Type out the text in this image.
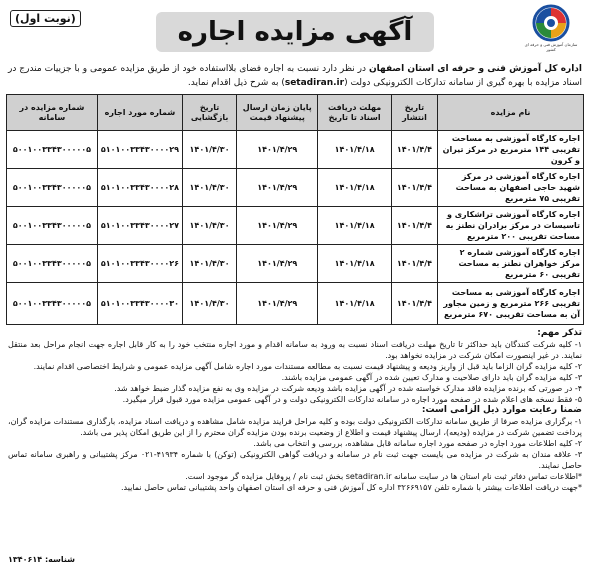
(نوبت اول)	آگهی مزایده اجاره	سازمان آموزش فنی و حرفه ای کشور

اداره کل آموزش فنی و حرفه ای استان اصفهان در نظر دارد نسبت به اجاره فضای بلااستفاده خود از طریق مزایده عمومی و با جزییات مندرج در اسناد مزایده با بهره گیری از سامانه تدارکات الکترونیکی دولت (setadiran.ir) به شرح ذیل اقدام نماید.

نام مزایده	تاریخ انتشار	مهلت دریافت اسناد تا تاریخ	پایان زمان ارسال پیشنهاد قیمت	تاریخ بازگشایی	شماره مورد اجاره	شماره مزایده در سامانه
اجاره کارگاه آموزشی به مساحت تقریبی ۱۴۴ مترمربع در مرکز تیران و کرون	۱۴۰۱/۴/۴	۱۴۰۱/۴/۱۸	۱۴۰۱/۴/۲۹	۱۴۰۱/۴/۳۰	۵۱۰۱۰۰۳۳۴۳۰۰۰۰۲۹	۵۰۰۱۰۰۳۳۴۳۰۰۰۰۰۵
اجاره کارگاه آموزشی در مرکز شهید حاجی اصفهان به مساحت تقریبی ۷۵ مترمربع	۱۴۰۱/۴/۴	۱۴۰۱/۴/۱۸	۱۴۰۱/۴/۲۹	۱۴۰۱/۴/۳۰	۵۱۰۱۰۰۳۳۴۳۰۰۰۰۲۸	۵۰۰۱۰۰۳۳۴۳۰۰۰۰۰۵
اجاره کارگاه آموزشی تراشکاری و تاسیسات در مرکز برادران نطنز به مساحت تقریبی ۲۰۰ مترمربع	۱۴۰۱/۴/۴	۱۴۰۱/۴/۱۸	۱۴۰۱/۴/۲۹	۱۴۰۱/۴/۳۰	۵۱۰۱۰۰۳۳۴۳۰۰۰۰۲۷	۵۰۰۱۰۰۳۳۴۳۰۰۰۰۰۵
اجاره کارگاه آموزشی شماره ۲ مرکز خواهران نطنز به مساحت تقریبی ۶۰ مترمربع	۱۴۰۱/۴/۴	۱۴۰۱/۴/۱۸	۱۴۰۱/۴/۲۹	۱۴۰۱/۴/۳۰	۵۱۰۱۰۰۳۳۴۳۰۰۰۰۲۶	۵۰۰۱۰۰۳۳۴۳۰۰۰۰۰۵
اجاره کارگاه آموزشی به مساحت تقریبی ۲۶۶ مترمربع و زمین مجاور آن به مساحت تقریبی ۶۷۰ مترمربع	۱۴۰۱/۴/۴	۱۴۰۱/۴/۱۸	۱۴۰۱/۴/۲۹	۱۴۰۱/۴/۳۰	۵۱۰۱۰۰۳۳۴۳۰۰۰۰۳۰	۵۰۰۱۰۰۳۳۴۳۰۰۰۰۰۵
تذکر مهم:
۱- کلیه شرکت کنندگان باید حداکثر تا تاریخ مهلت دریافت اسناد نسبت به ورود به سامانه اقدام و مورد اجاره منتخب خود را به کار قابل اجاره جهت انجام مراحل بعد منتقل نمایند. در غیر اینصورت امکان شرکت در مزایده نخواهد بود.
۲- کلیه مزایده گران الزاما باید قبل از واریز ودیعه و پیشنهاد قیمت نسبت به مطالعه مستندات مورد اجاره شامل آگهی مزایده عمومی و شرایط اختصاصی اقدام نمایند.
۳- کلیه مزایده گران باید دارای صلاحیت و مدارک تعیین شده در آگهی عمومی مزایده باشند.
۴- در صورتی که برنده مزایده فاقد مدارک خواسته شده در آگهی مزایده باشد ودیعه شرکت در مزایده وی به نفع مزایده گذار ضبط خواهد شد.
۵- فقط نسخه های اعلام شده در صفحه مورد اجاره در سامانه تدارکات الکترونیکی دولت و در آگهی عمومی مزایده مورد قبول قرار میگیرد.
ضمنا رعایت موارد ذیل الزامی است:
۱- برگزاری مزایده صرفا از طریق سامانه تدارکات الکترونیکی دولت بوده و کلیه مراحل فرایند مزایده شامل مشاهده و دریافت اسناد مزایده، بارگذاری مستندات مزایده گران، پرداخت تضمین شرکت در مزایده (ودیعه)، ارسال پیشنهاد قیمت و اطلاع از وضعیت برنده بودن مزایده گران محترم را از این طریق امکان پذیر می باشد.
۲- کلیه اطلاعات مورد اجاره در صفحه مورد اجاره سامانه قابل مشاهده، بررسی و انتخاب می باشد.
۳- علاقه مندان به شرکت در مزایده می بایست جهت ثبت نام در سامانه و دریافت گواهی الکترونیکی (توکن) با شماره ۴۱۹۳۴-۰۲۱ مرکز پشتیبانی و راهبری سامانه تماس حاصل نمایند.
*اطلاعات تماس دفاتر ثبت نام استان ها در سایت سامانه setadiran.ir بخش ثبت نام / پروفایل مزایده گر موجود است.
*جهت دریافت اطلاعات بیشتر با شماره تلفن ۳۲۶۶۹۱۵۷ اداره کل آموزش فنی و حرفه ای استان اصفهان واحد پشتیبانی تماس حاصل نمایید.
شناسه: ۱۳۴۰۶۱۴
